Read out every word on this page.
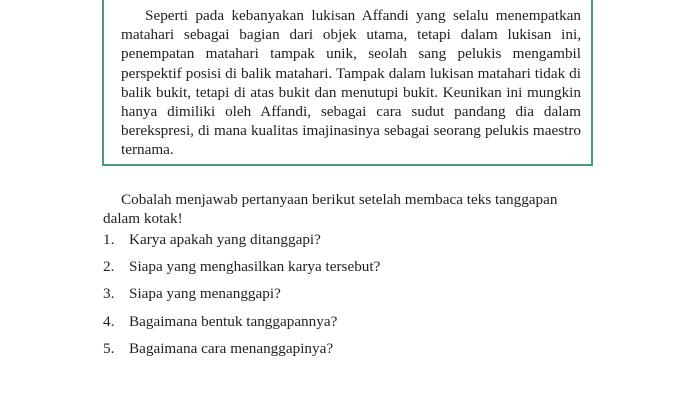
Seperti pada kebanyakan lukisan Affandi yang selalu menempatkan matahari sebagai bagian dari objek utama, tetapi dalam lukisan ini, penempatan matahari tampak unik, seolah sang pelukis mengambil perspektif posisi di balik matahari. Tampak dalam lukisan matahari tidak di balik bukit, tetapi di atas bukit dan menutupi bukit. Keunikan ini mungkin hanya dimiliki oleh Affandi, sebagai cara sudut pandang dia dalam berekspresi, di mana kualitas imajinasinya sebagai seorang pelukis maestro ternama.

Cobalah menjawab pertanyaan berikut setelah membaca teks tanggapan dalam kotak!

1. Karya apakah yang ditanggapi?
2. Siapa yang menghasilkan karya tersebut?
3. Siapa yang menanggapi?
4. Bagaimana bentuk tanggapannya?
5. Bagaimana cara menanggapinya?
